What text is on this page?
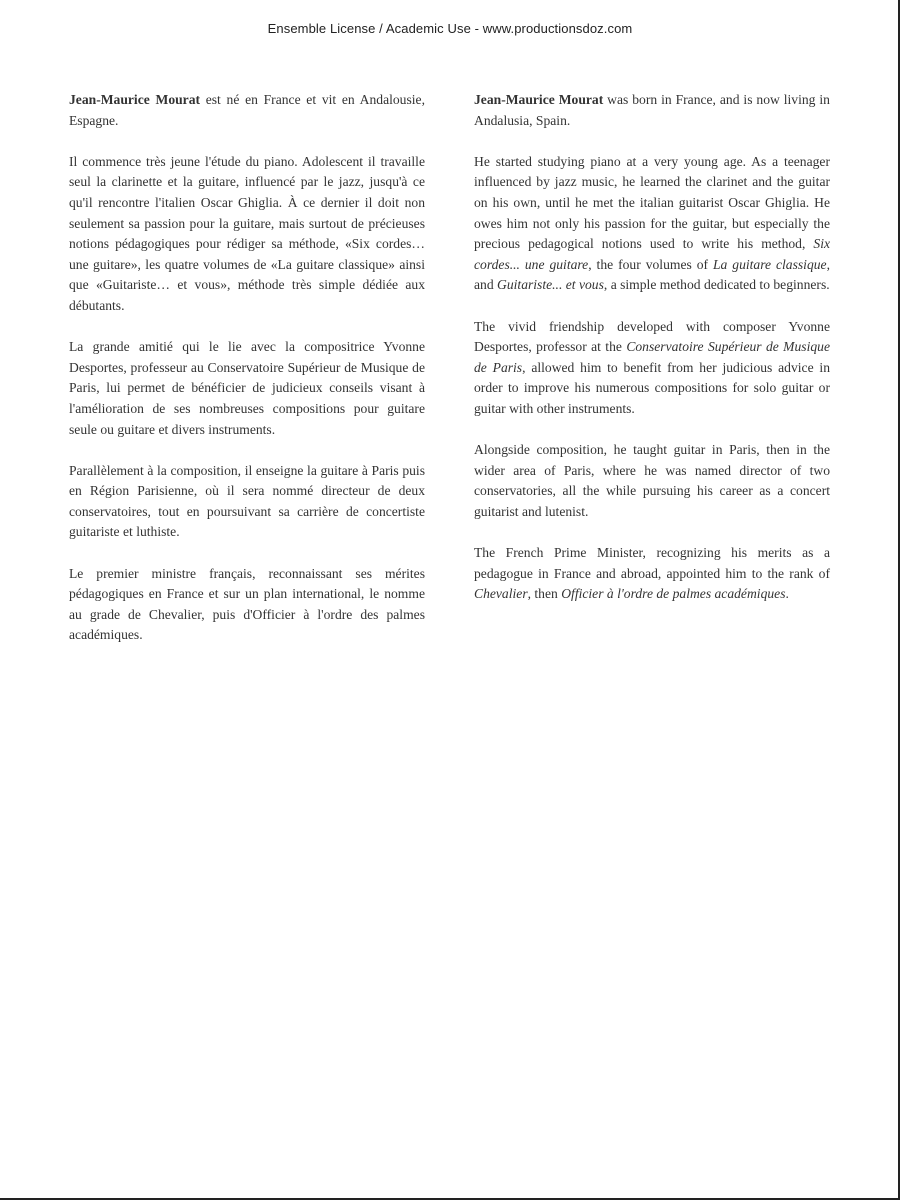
Ensemble License / Academic Use - www.productionsdoz.com

Jean-Maurice Mourat est né en France et vit en Andalousie, Espagne.

Il commence très jeune l'étude du piano. Adolescent il travaille seul la clarinette et la guitare, influencé par le jazz, jusqu'à ce qu'il rencontre l'italien Oscar Ghiglia. À ce dernier il doit non seulement sa passion pour la guitare, mais surtout de précieuses notions pédagogiques pour rédiger sa méthode, «Six cordes… une guitare», les quatre volumes de «La guitare classique» ainsi que «Guitariste… et vous», méthode très simple dédiée aux débutants.

La grande amitié qui le lie avec la compositrice Yvonne Desportes, professeur au Conservatoire Supérieur de Musique de Paris, lui permet de bénéficier de judicieux conseils visant à l'amélioration de ses nombreuses compositions pour guitare seule ou guitare et divers instruments.

Parallèlement à la composition, il enseigne la guitare à Paris puis en Région Parisienne, où il sera nommé directeur de deux conservatoires, tout en poursuivant sa carrière de concertiste guitariste et luthiste.

Le premier ministre français, reconnaissant ses mérites pédagogiques en France et sur un plan international, le nomme au grade de Chevalier, puis d'Officier à l'ordre des palmes académiques.

Jean-Maurice Mourat was born in France, and is now living in Andalusia, Spain.

He started studying piano at a very young age. As a teenager influenced by jazz music, he learned the clarinet and the guitar on his own, until he met the italian guitarist Oscar Ghiglia. He owes him not only his passion for the guitar, but especially the precious pedagogical notions used to write his method, Six cordes... une guitare, the four volumes of La guitare classique, and Guitariste... et vous, a simple method dedicated to beginners.

The vivid friendship developed with composer Yvonne Desportes, professor at the Conservatoire Supérieur de Musique de Paris, allowed him to benefit from her judicious advice in order to improve his numerous compositions for solo guitar or guitar with other instruments.

Alongside composition, he taught guitar in Paris, then in the wider area of Paris, where he was named director of two conservatories, all the while pursuing his career as a concert guitarist and lutenist.

The French Prime Minister, recognizing his merits as a pedagogue in France and abroad, appointed him to the rank of Chevalier, then Officier à l'ordre de palmes académiques.
